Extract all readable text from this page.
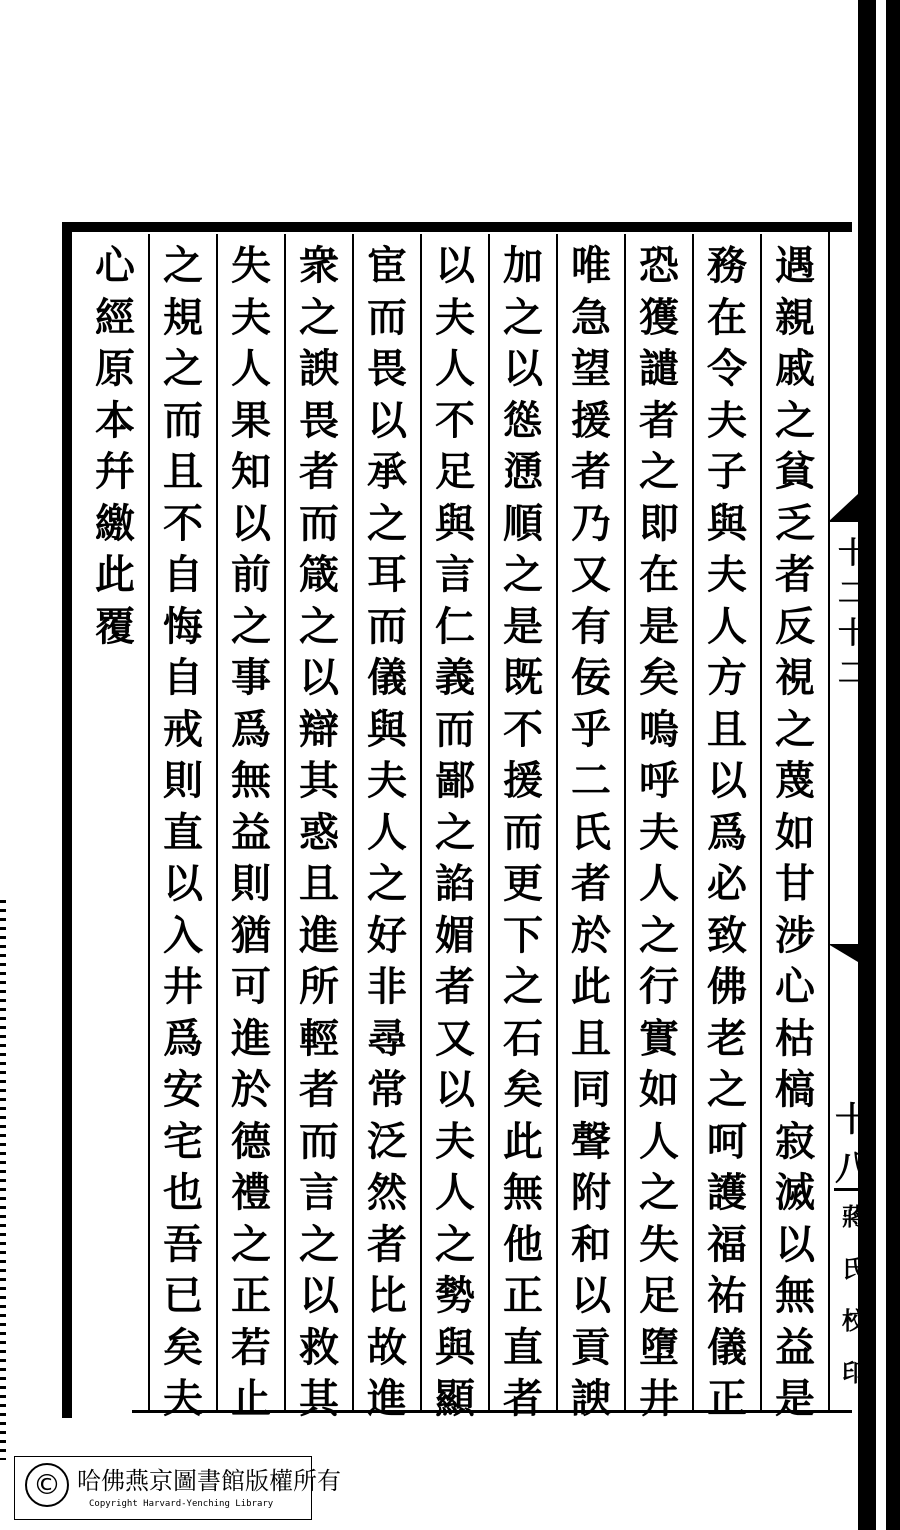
遇
親
戚
之
貧
乏
者
反
視
之
蔑
如
甘
涉
心
枯
槁
寂
滅
以
無
益
是
務
在
令
夫
子
與
夫
人
方
且
以
爲
必
致
佛
老
之
呵
護
福
祐
儀
正
恐
獲
譴
者
之
即
在
是
矣
嗚
呼
夫
人
之
行
實
如
人
之
失
足
墮
井
唯
急
望
援
者
乃
又
有
佞
乎
二
氏
者
於
此
且
同
聲
附
和
以
貢
諛
加
之
以
慫
慂
順
之
是
既
不
援
而
更
下
之
石
矣
此
無
他
正
直
者
以
夫
人
不
足
與
言
仁
義
而
鄙
之
諂
媚
者
又
以
夫
人
之
勢
與
顯
宦
而
畏
以
承
之
耳
而
儀
與
夫
人
之
好
非
尋
常
泛
然
者
比
故
進
衆
之
諛
畏
者
而
箴
之
以
辯
其
惑
且
進
所
輕
者
而
言
之
以
救
其
失
夫
人
果
知
以
前
之
事
爲
無
益
則
猶
可
進
於
德
禮
之
正
若
止
之
規
之
而
且
不
自
悔
自
戒
則
直
以
入
井
爲
安
宅
也
吾
已
矣
夫
心
經
原
本
幷
繳
此
覆
十
二
十
二
十八
蔣
氏
校
印
© 哈佛燕京圖書館版權所有
Copyright Harvard-Yenching Library
